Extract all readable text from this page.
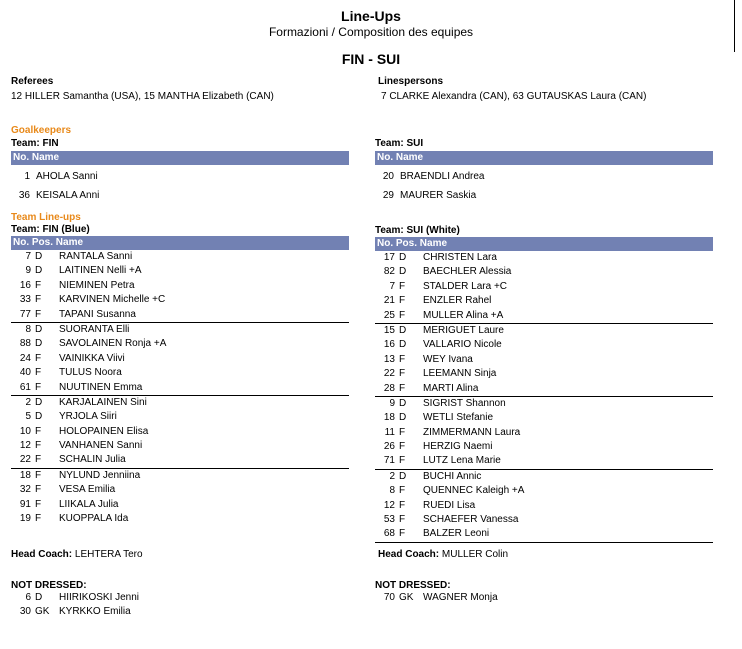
Line-Ups
Formazioni / Composition des equipes
FIN - SUI
Referees
12 HILLER Samantha (USA), 15 MANTHA Elizabeth (CAN)
Linespersons
7 CLARKE Alexandra (CAN), 63 GUTAUSKAS Laura (CAN)
Goalkeepers
Team: FIN
No. Name
1 AHOLA Sanni
36 KEISALA Anni
Team: SUI
No. Name
20 BRAENDLI Andrea
29 MAURER Saskia
Team Line-ups
Team: FIN (Blue)
No. Pos. Name
7 D RANTALA Sanni
9 D LAITINEN Nelli +A
16 F NIEMINEN Petra
33 F KARVINEN Michelle +C
77 F TAPANI Susanna
8 D SUORANTA Elli
88 D SAVOLAINEN Ronja +A
24 F VAINIKKA Viivi
40 F TULUS Noora
61 F NUUTINEN Emma
2 D KARJALAINEN Sini
5 D YRJOLA Siiri
10 F HOLOPAINEN Elisa
12 F VANHANEN Sanni
22 F SCHALIN Julia
18 F NYLUND Jenniina
32 F VESA Emilia
91 F LIIKALA Julia
19 F KUOPPALA Ida
Team: SUI (White)
No. Pos. Name
17 D CHRISTEN Lara
82 D BAECHLER Alessia
7 F STALDER Lara +C
21 F ENZLER Rahel
25 F MULLER Alina +A
15 D MERIGUET Laure
16 D VALLARIO Nicole
13 F WEY Ivana
22 F LEEMANN Sinja
28 F MARTI Alina
9 D SIGRIST Shannon
18 D WETLI Stefanie
11 F ZIMMERMANN Laura
26 F HERZIG Naemi
71 F LUTZ Lena Marie
2 D BUCHI Annic
8 F QUENNEC Kaleigh +A
12 F RUEDI Lisa
53 F SCHAEFER Vanessa
68 F BALZER Leoni
Head Coach: LEHTERA Tero	Head Coach: MULLER Colin
NOT DRESSED:
6 D HIIRIKOSKI Jenni
30 GK KYRKKO Emilia
NOT DRESSED:
70 GK WAGNER Monja
